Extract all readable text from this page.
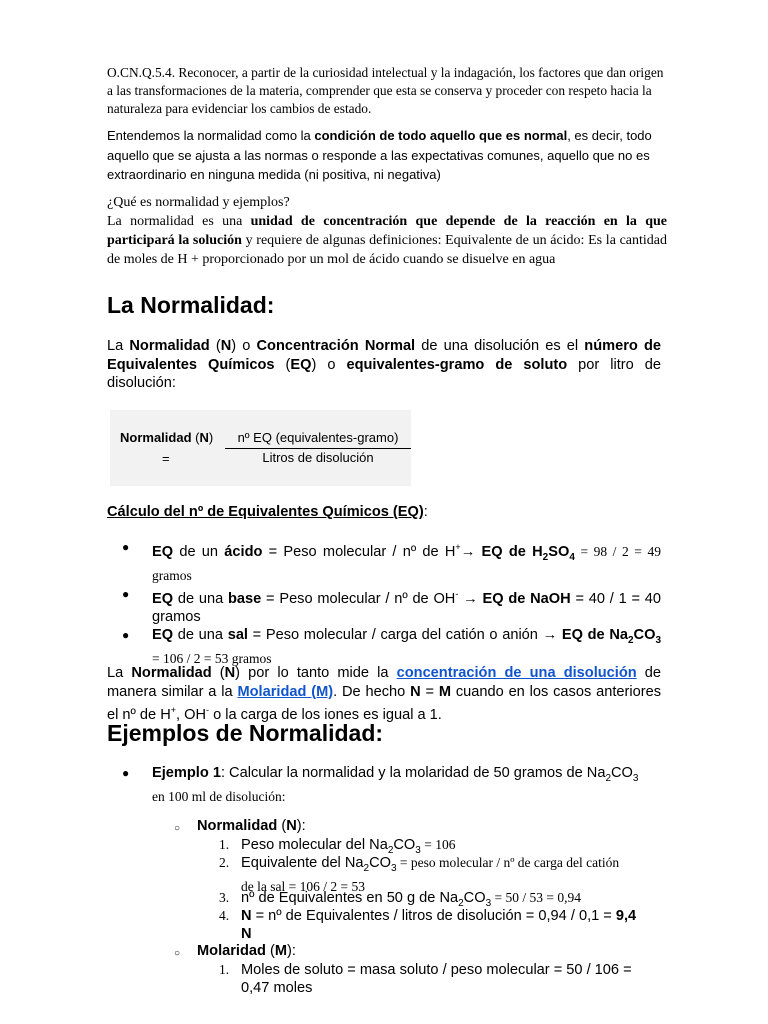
O.CN.Q.5.4. Reconocer, a partir de la curiosidad intelectual y la indagación, los factores que dan origen a las transformaciones de la materia, comprender que esta se conserva y proceder con respeto hacia la naturaleza para evidenciar los cambios de estado.

Entendemos la normalidad como la condición de todo aquello que es normal, es decir, todo aquello que se ajusta a las normas o responde a las expectativas comunes, aquello que no es extraordinario en ninguna medida (ni positiva, ni negativa)

¿Qué es normalidad y ejemplos?

La normalidad es una unidad de concentración que depende de la reacción en la que participará la solución y requiere de algunas definiciones: Equivalente de un ácido: Es la cantidad de moles de H + proporcionado por un mol de ácido cuando se disuelve en agua

La Normalidad:

La Normalidad (N) o Concentración Normal de una disolución es el número de Equivalentes Químicos (EQ) o equivalentes-gramo de soluto por litro de disolución:

Normalidad (N)
=
nº EQ (equivalentes-gramo)
Litros de disolución
Cálculo del nº de Equivalentes Químicos (EQ):
●	EQ de un ácido = Peso molecular / nº de H+→ EQ de $H_2SO_4 = 98 / 2 = 49$ gramos
●	EQ de una base = Peso molecular / nº de OH- → EQ de NaOH = 40 / 1 = 40 gramos
●	EQ de una sal = Peso molecular / carga del catión o anión → EQ de $Na_2CO_3 = 106 / 2 = 53$ gramos

La Normalidad (N) por lo tanto mide la concentración de una disolución de manera similar a la Molaridad (M). De hecho N = M cuando en los casos anteriores el nº de H+, OH- o la carga de los iones es igual a 1.

Ejemplos de Normalidad:
●	Ejemplo 1: Calcular la normalidad y la molaridad de 50 gramos de $Na_2CO_3$
en 100 ml de disolución:
○ Normalidad (N):
1. Peso molecular del $Na_2CO_3 = 106$
2. Equivalente del $Na_2CO_3$ = peso molecular / nº de carga del catión
de la sal = 106 / 2 = 53
3. nº de Equivalentes en 50 g de $Na_2CO_3 = 50 / 53 = 0,94$
4. N = nº de Equivalentes / litros de disolución = 0,94 / 0,1 = 9,4
N
○ Molaridad (M):
1. Moles de soluto = masa soluto / peso molecular = 50 / 106 =
0,47 moles
